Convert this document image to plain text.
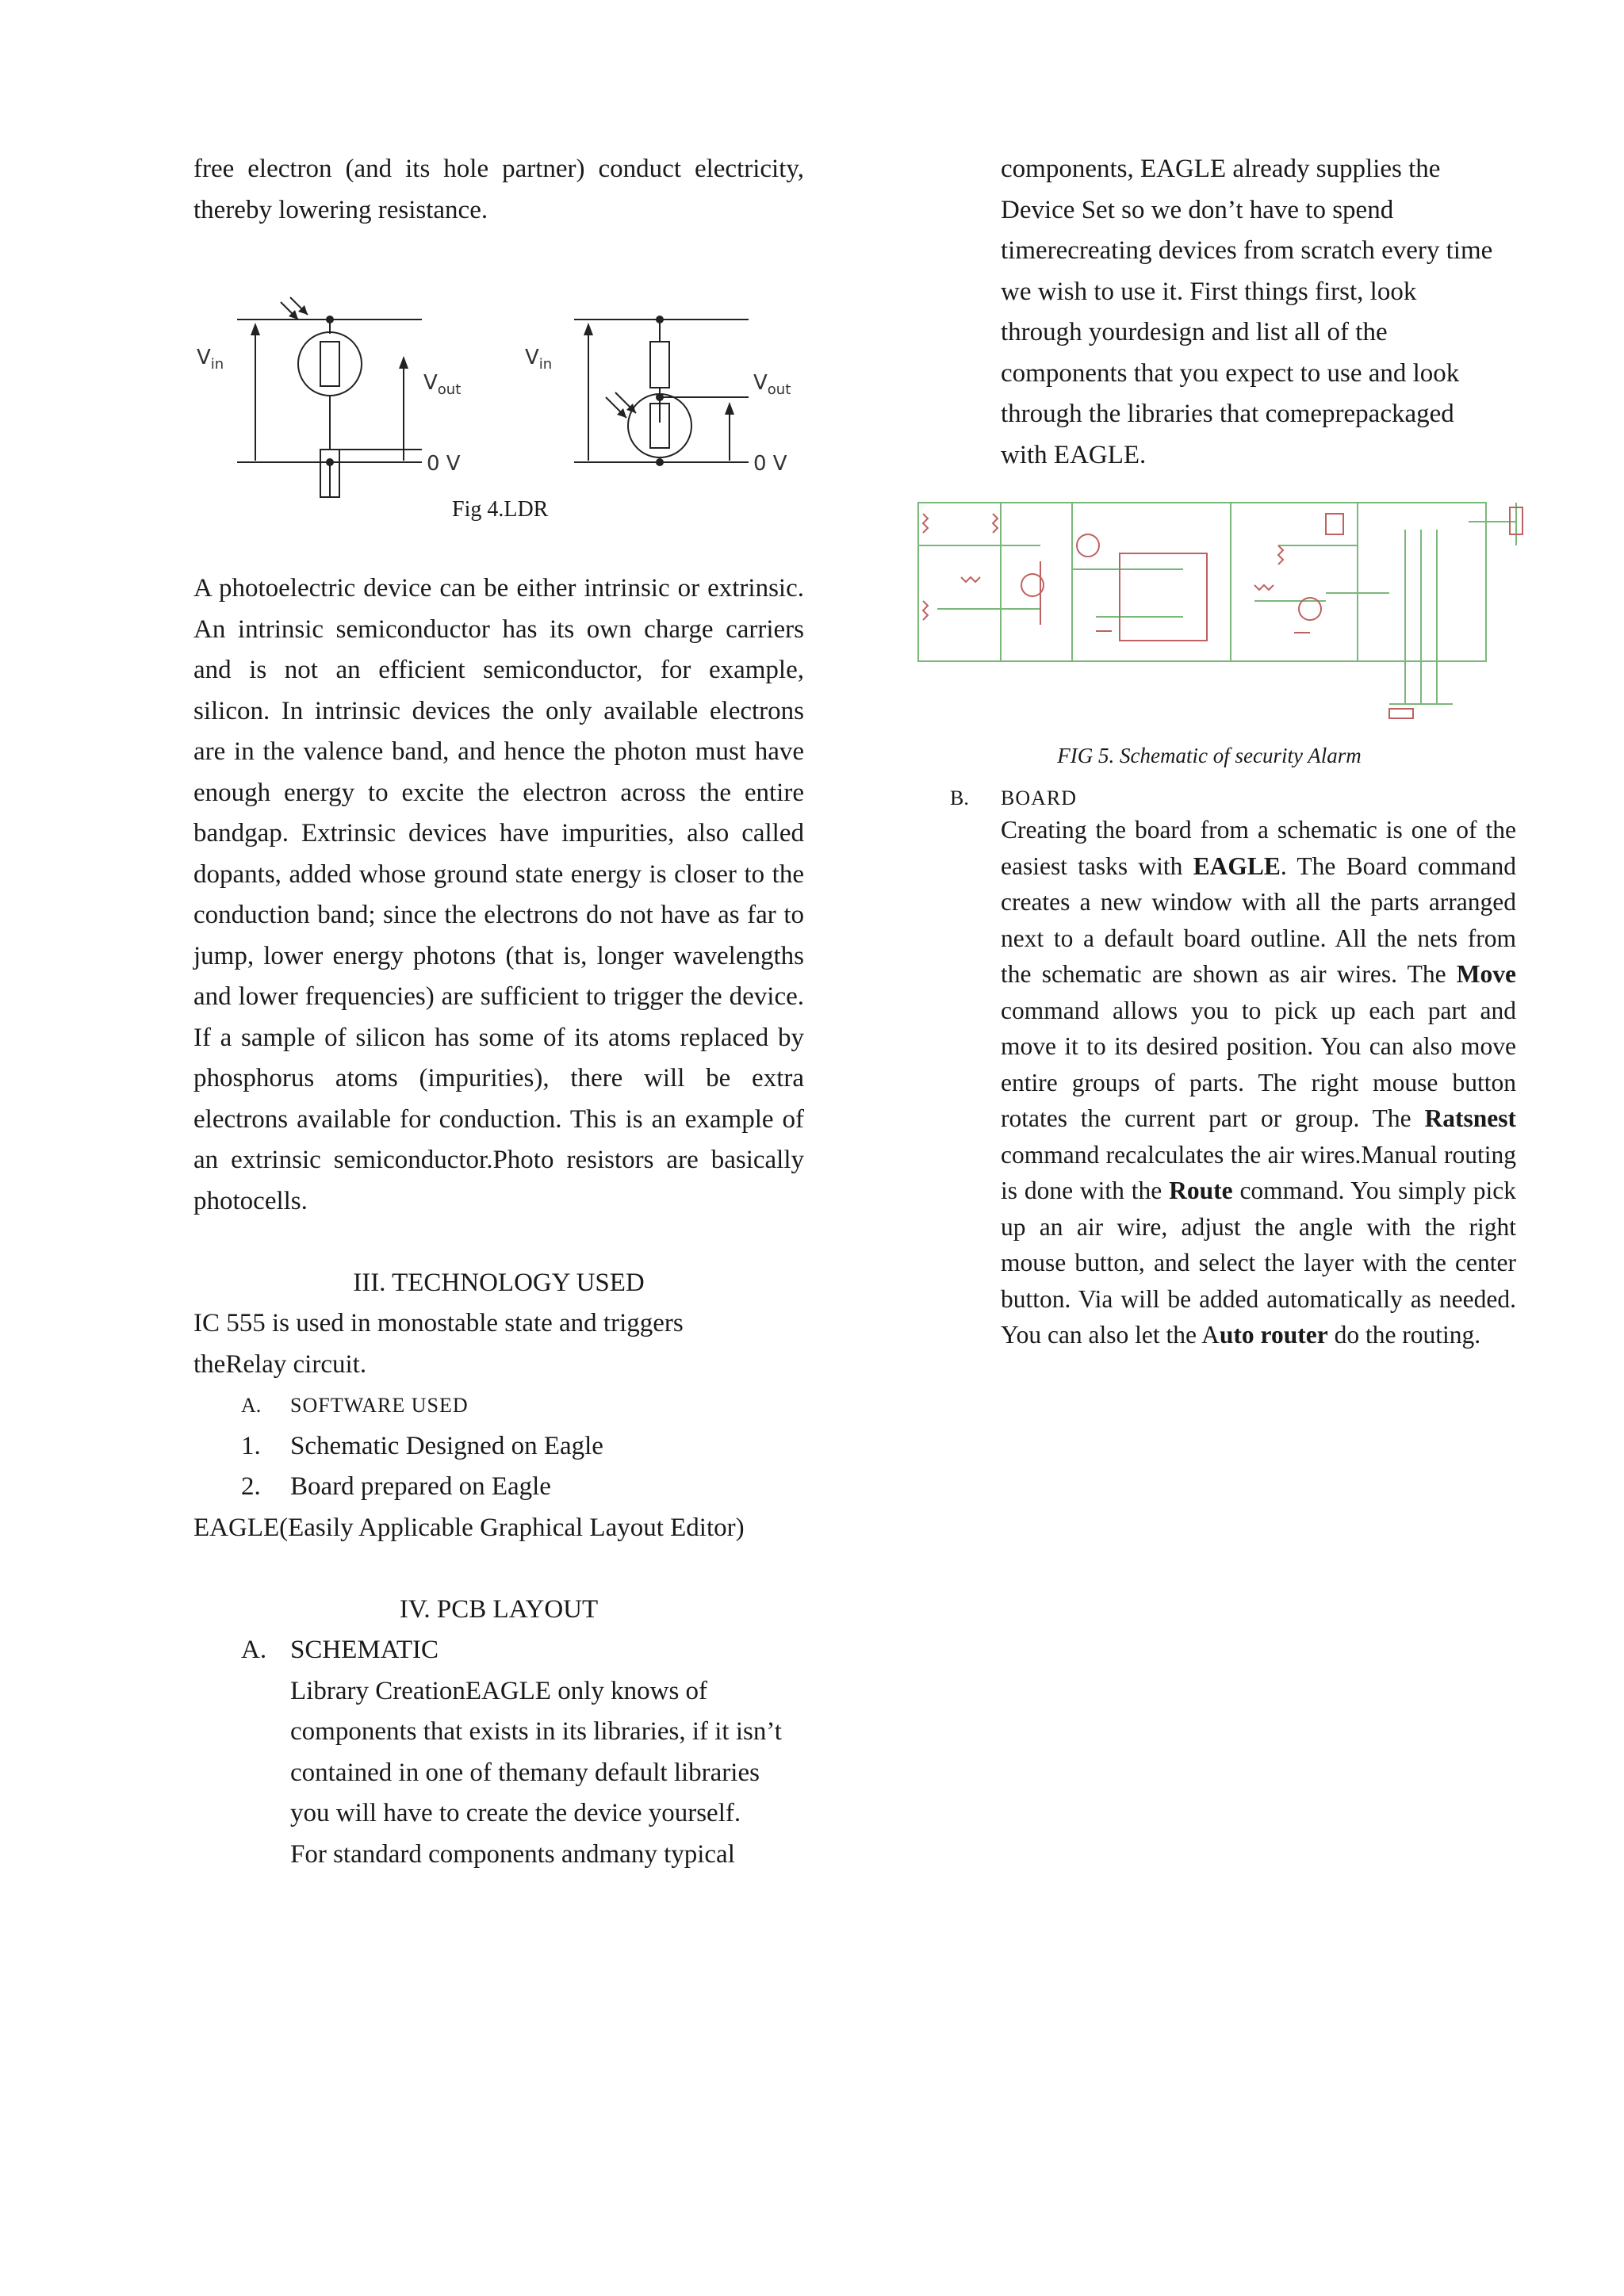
free electron (and its hole partner) conduct electricity, thereby lowering resistance.

$V_{in}$
$V_{out}$
0 V
$V_{in}$
$V_{out}$
0 V

Fig 4.LDR

A photoelectric device can be either intrinsic or extrinsic. An intrinsic semiconductor has its own charge carriers and is not an efficient semiconductor, for example, silicon. In intrinsic devices the only available electrons are in the valence band, and hence the photon must have enough energy to excite the electron across the entire bandgap. Extrinsic devices have impurities, also called dopants, added whose ground state energy is closer to the conduction band; since the electrons do not have as far to jump, lower energy photons (that is, longer wavelengths and lower frequencies) are sufficient to trigger the device. If a sample of silicon has some of its atoms replaced by phosphorus atoms (impurities), there will be extra electrons available for conduction. This is an example of an extrinsic semiconductor.Photo resistors are basically photocells.

III. TECHNOLOGY USED

IC 555 is used in monostable state and triggers

theRelay circuit.

A.	SOFTWARE USED
1.	Schematic Designed on Eagle
2.	Board prepared on Eagle

EAGLE(Easily Applicable Graphical Layout Editor)

IV. PCB LAYOUT

A. SCHEMATIC

Library CreationEAGLE only knows of

components that exists in its libraries, if it isn’t

contained in one of themany default libraries

you will have to create the device yourself.

For standard components andmany typical

components, EAGLE already supplies the

Device Set so we don’t have to spend

timerecreating devices from scratch every time

we wish to use it. First things first, look

through yourdesign and list all of the

components that you expect to use and look

through the libraries that comeprepackaged

with EAGLE.

FIG 5. Schematic of security Alarm

B.	BOARD

Creating the board from a schematic is one of the easiest tasks with EAGLE. The Board command creates a new window with all the parts arranged next to a default board outline. All the nets from the schematic are shown as air wires. The Move command allows you to pick up each part and move it to its desired position. You can also move entire groups of parts. The right mouse button rotates the current part or group. The Ratsnest command recalculates the air wires.Manual routing is done with the Route command. You simply pick up an air wire, adjust the angle with the right mouse button, and select the layer with the center button. Via will be added automatically as needed. You can also let the Auto router do the routing.
